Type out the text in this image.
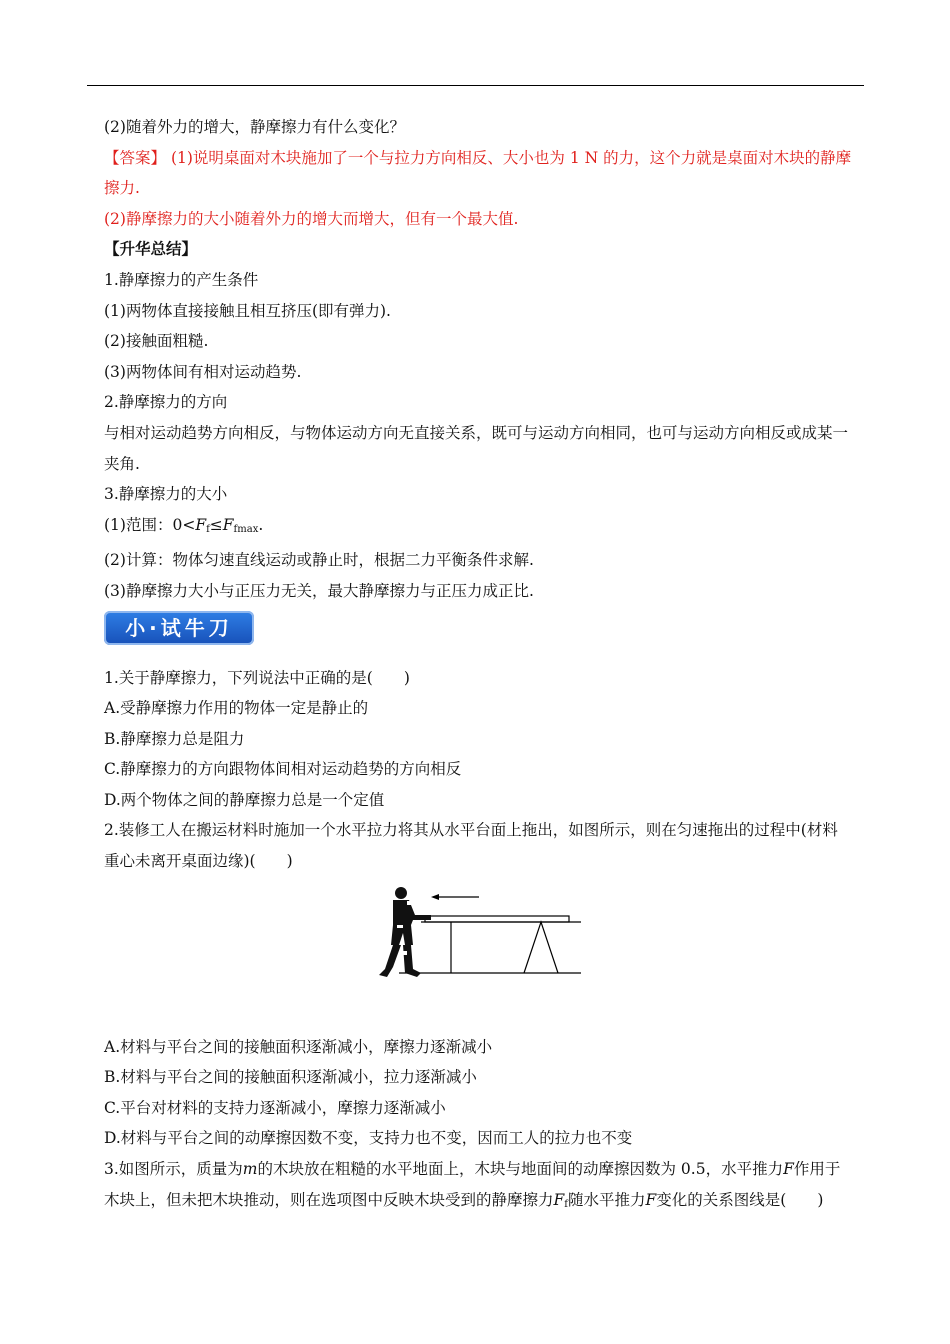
(2)随着外力的增大，静摩擦力有什么变化？
【答案】 (1)说明桌面对木块施加了一个与拉力方向相反、大小也为 1 N 的力，这个力就是桌面对木块的静摩擦力.
(2)静摩擦力的大小随着外力的增大而增大，但有一个最大值.
【升华总结】
1.静摩擦力的产生条件
(1)两物体直接接触且相互挤压(即有弹力).
(2)接触面粗糙.
(3)两物体间有相对运动趋势.
2.静摩擦力的方向
与相对运动趋势方向相反，与物体运动方向无直接关系，既可与运动方向相同，也可与运动方向相反或成某一夹角.
3.静摩擦力的大小
(1)范围：$0<F_f\le F_{fmax}$.
(2)计算：物体匀速直线运动或静止时，根据二力平衡条件求解.
(3)静摩擦力大小与正压力无关，最大静摩擦力与正压力成正比.
小·试牛刀
1.关于静摩擦力，下列说法中正确的是(　　)
A.受静摩擦力作用的物体一定是静止的
B.静摩擦力总是阻力
C.静摩擦力的方向跟物体间相对运动趋势的方向相反
D.两个物体之间的静摩擦力总是一个定值
2.装修工人在搬运材料时施加一个水平拉力将其从水平台面上拖出，如图所示，则在匀速拖出的过程中(材料重心未离开桌面边缘)(　　)
A.材料与平台之间的接触面积逐渐减小，摩擦力逐渐减小
B.材料与平台之间的接触面积逐渐减小，拉力逐渐减小
C.平台对材料的支持力逐渐减小，摩擦力逐渐减小
D.材料与平台之间的动摩擦因数不变，支持力也不变，因而工人的拉力也不变
3.如图所示，质量为m的木块放在粗糙的水平地面上，木块与地面间的动摩擦因数为 0.5，水平推力F作用于木块上，但未把木块推动，则在选项图中反映木块受到的静摩擦力$F_f$随水平推力F变化的关系图线是(　　)
